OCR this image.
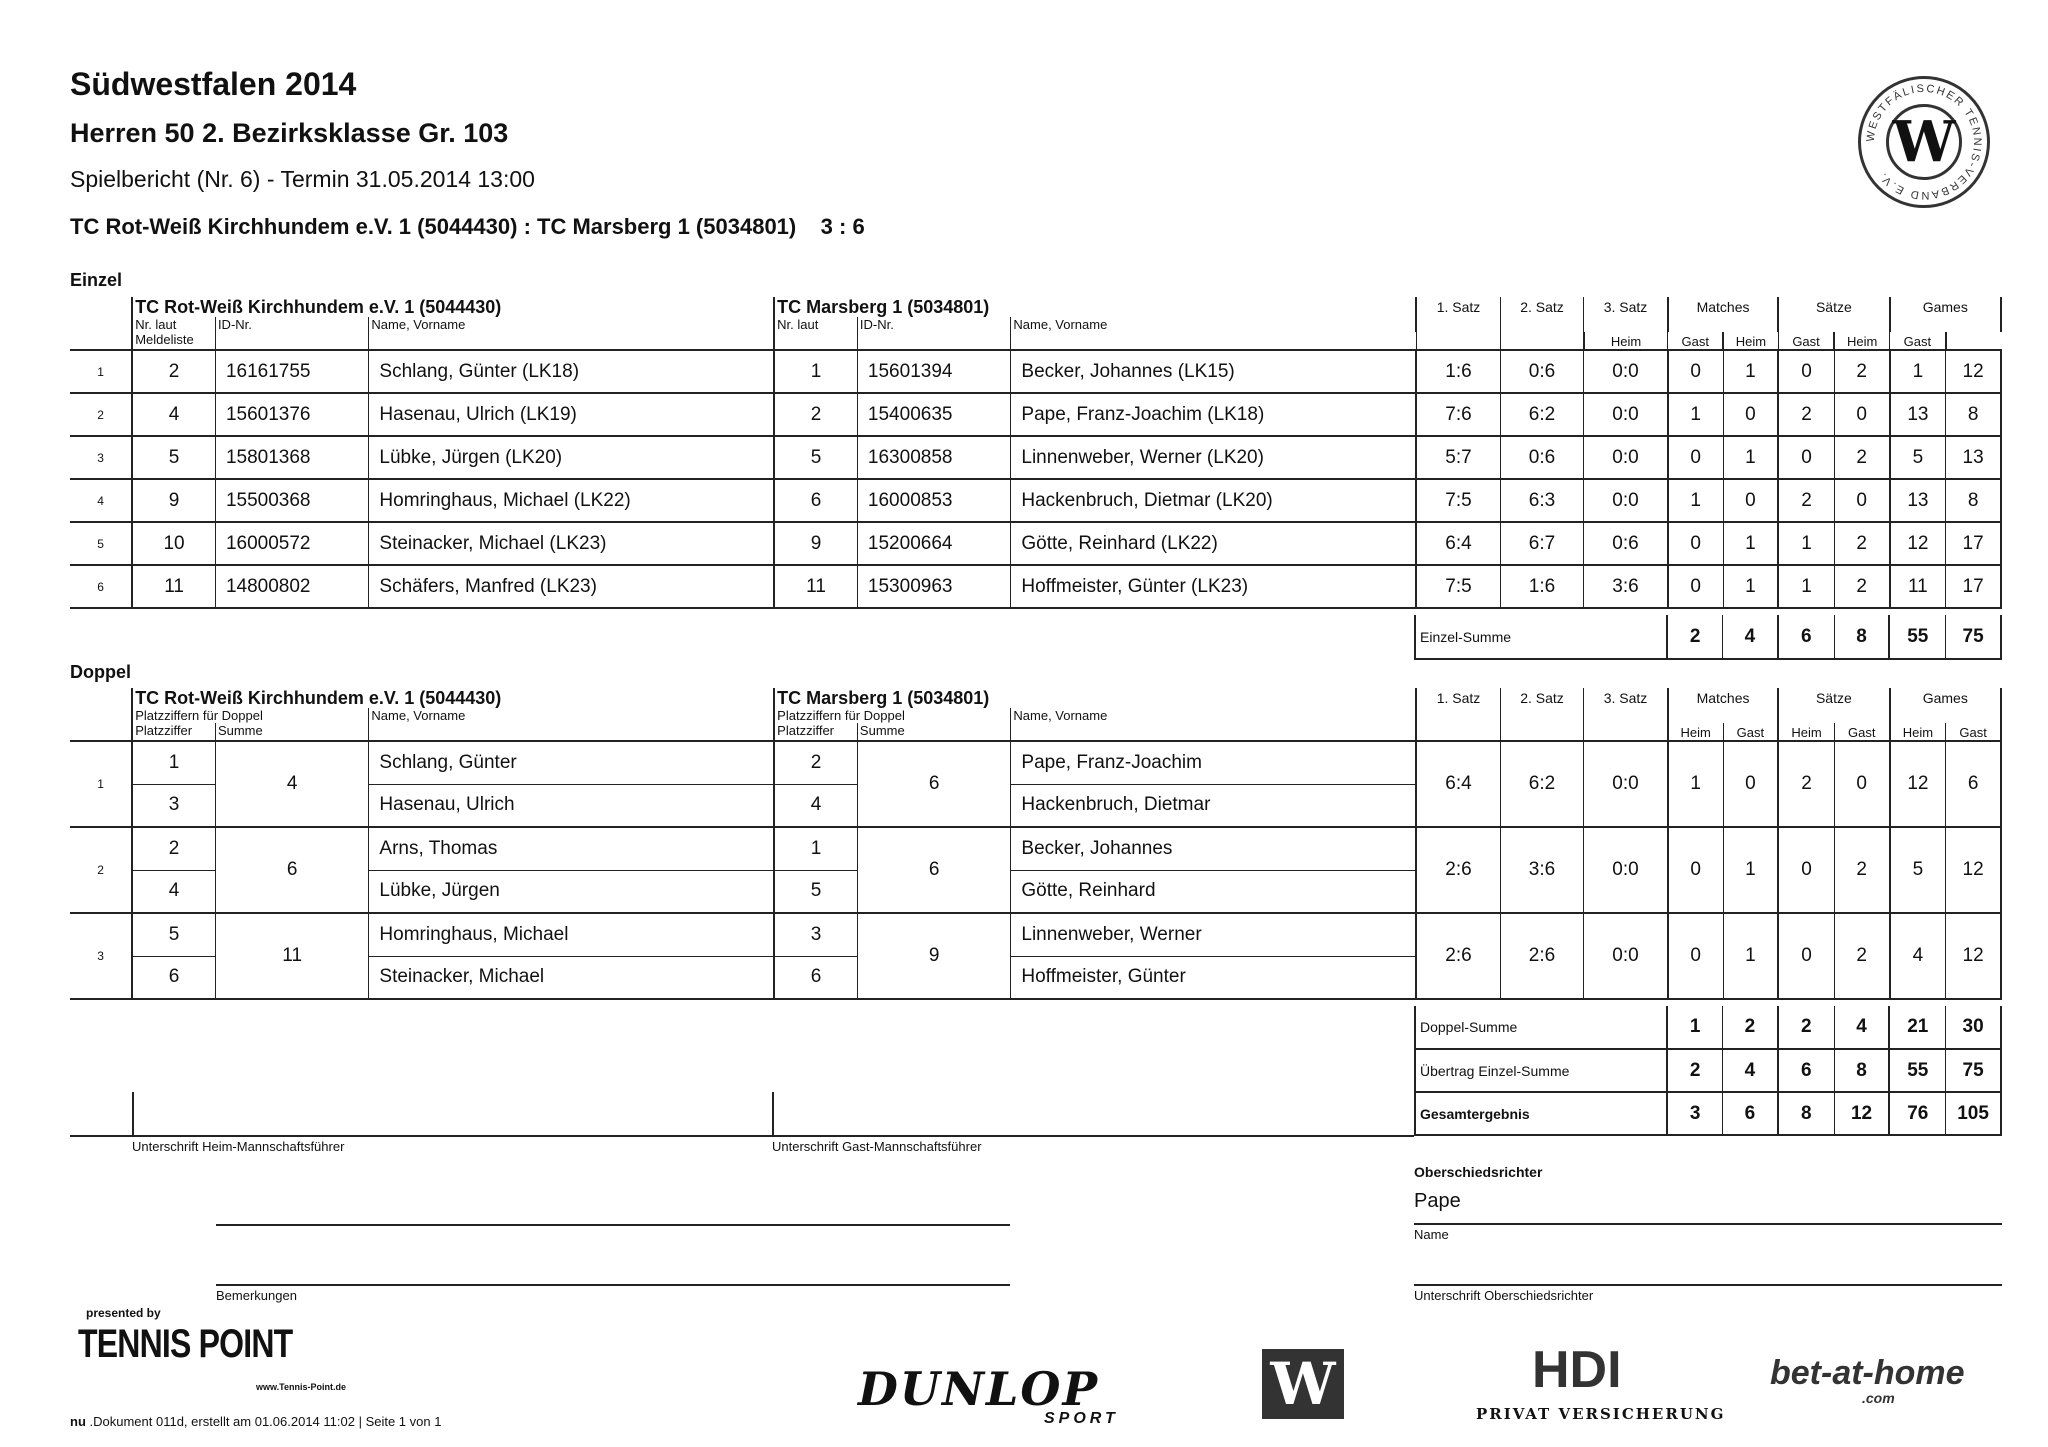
Südwestfalen 2014
Herren 50 2. Bezirksklasse Gr. 103
Spielbericht (Nr. 6) - Termin 31.05.2014 13:00
TC Rot-Weiß Kirchhundem e.V. 1 (5044430) : TC Marsberg 1 (5034801)    3 : 6
WESTFÄLISCHER TENNIS-VERBAND E.V. W
Einzel
	TC Rot-Weiß Kirchhundem e.V. 1 (5044430)			TC Marsberg 1 (5034801)			1. Satz	2. Satz	3. Satz	Matches		Sätze		Games	
	Nr. laut	ID-Nr.	Name, Vorname	Nr. laut	ID-Nr.	Name, Vorname									
	Meldeliste								Heim	Gast	Heim	Gast	Heim	Gast	
1	2	16161755	Schlang, Günter (LK18)	1	15601394	Becker, Johannes (LK15)	1:6	0:6	0:0	0	1	0	2	1	12
2	4	15601376	Hasenau, Ulrich (LK19)	2	15400635	Pape, Franz-Joachim (LK18)	7:6	6:2	0:0	1	0	2	0	13	8
3	5	15801368	Lübke, Jürgen (LK20)	5	16300858	Linnenweber, Werner (LK20)	5:7	0:6	0:0	0	1	0	2	5	13
4	9	15500368	Homringhaus, Michael (LK22)	6	16000853	Hackenbruch, Dietmar (LK20)	7:5	6:3	0:0	1	0	2	0	13	8
5	10	16000572	Steinacker, Michael (LK23)	9	15200664	Götte, Reinhard (LK22)	6:4	6:7	0:6	0	1	1	2	12	17
6	11	14800802	Schäfers, Manfred (LK23)	11	15300963	Hoffmeister, Günter (LK23)	7:5	1:6	3:6	0	1	1	2	11	17
Einzel-Summe	2	4	6	8	55	75
Doppel
	TC Rot-Weiß Kirchhundem e.V. 1 (5044430)			TC Marsberg 1 (5034801)			1. Satz	2. Satz	3. Satz	Matches		Sätze		Games	
	Platzziffern für Doppel		Name, Vorname	Platzziffern für Doppel		Name, Vorname									
	Platzziffer	Summe		Platzziffer	Summe					Heim	Gast	Heim	Gast	Heim	Gast
1	1	4	Schlang, Günter	2	6	Pape, Franz-Joachim	6:4	6:2	0:0	1	0	2	0	12	6
	3		Hasenau, Ulrich	4		Hackenbruch, Dietmar									
2	2	6	Arns, Thomas	1	6	Becker, Johannes	2:6	3:6	0:0	0	1	0	2	5	12
	4		Lübke, Jürgen	5		Götte, Reinhard									
3	5	11	Homringhaus, Michael	3	9	Linnenweber, Werner	2:6	2:6	0:0	0	1	0	2	4	12
	6		Steinacker, Michael	6		Hoffmeister, Günter									
Doppel-Summe	1	2	2	4	21	30
Übertrag Einzel-Summe	2	4	6	8	55	75
Gesamtergebnis	3	6	8	12	76	105
Unterschrift Heim-Mannschaftsführer	Unterschrift Gast-Mannschaftsführer
Oberschiedsrichter
Pape
Name
Bemerkungen	Unterschrift Oberschiedsrichter
presented by
TENNIS POINT
www.Tennis-Point.de	DUNLOP
SPORT
W	HDI
PRIVAT VERSICHERUNG
bet-at-home
.com
nu .Dokument 011d, erstellt am 01.06.2014 11:02 | Seite 1 von 1
